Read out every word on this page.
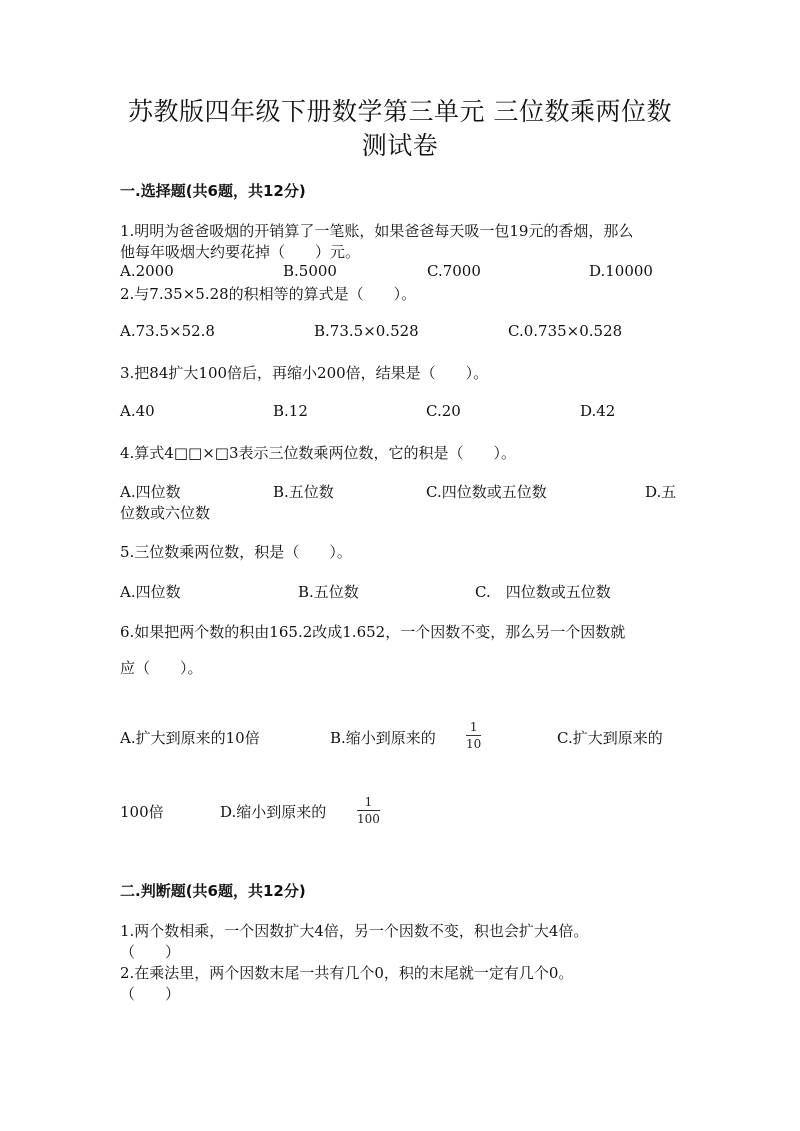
苏教版四年级下册数学第三单元 三位数乘两位数
测试卷
一.选择题(共6题，共12分)
1.明明为爸爸吸烟的开销算了一笔账，如果爸爸每天吸一包19元的香烟，那么
他每年吸烟大约要花掉（　　）元。
A.2000	B.5000	C.7000	D.10000
2.与7.35×5.28的积相等的算式是（　　）。
A.73.5×52.8	B.73.5×0.528	C.0.735×0.528
3.把84扩大100倍后，再缩小200倍，结果是（　　）。
A.40	B.12	C.20	D.42
4.算式4□□×□3表示三位数乘两位数，它的积是（　　）。
A.四位数	B.五位数	C.四位数或五位数	D.五
位数或六位数
5.三位数乘两位数，积是（　　）。
A.四位数	B.五位数	C.　四位数或五位数
6.如果把两个数的积由165.2改成1.652，一个因数不变，那么另一个因数就
应（　　）。
A.扩大到原来的10倍	B.缩小到原来的
1
10	C.扩大到原来的
100倍	D.缩小到原来的
1
100
二.判断题(共6题，共12分)
1.两个数相乘，一个因数扩大4倍，另一个因数不变，积也会扩大4倍。
（　　）
2.在乘法里，两个因数末尾一共有几个0，积的末尾就一定有几个0。
（　　）
